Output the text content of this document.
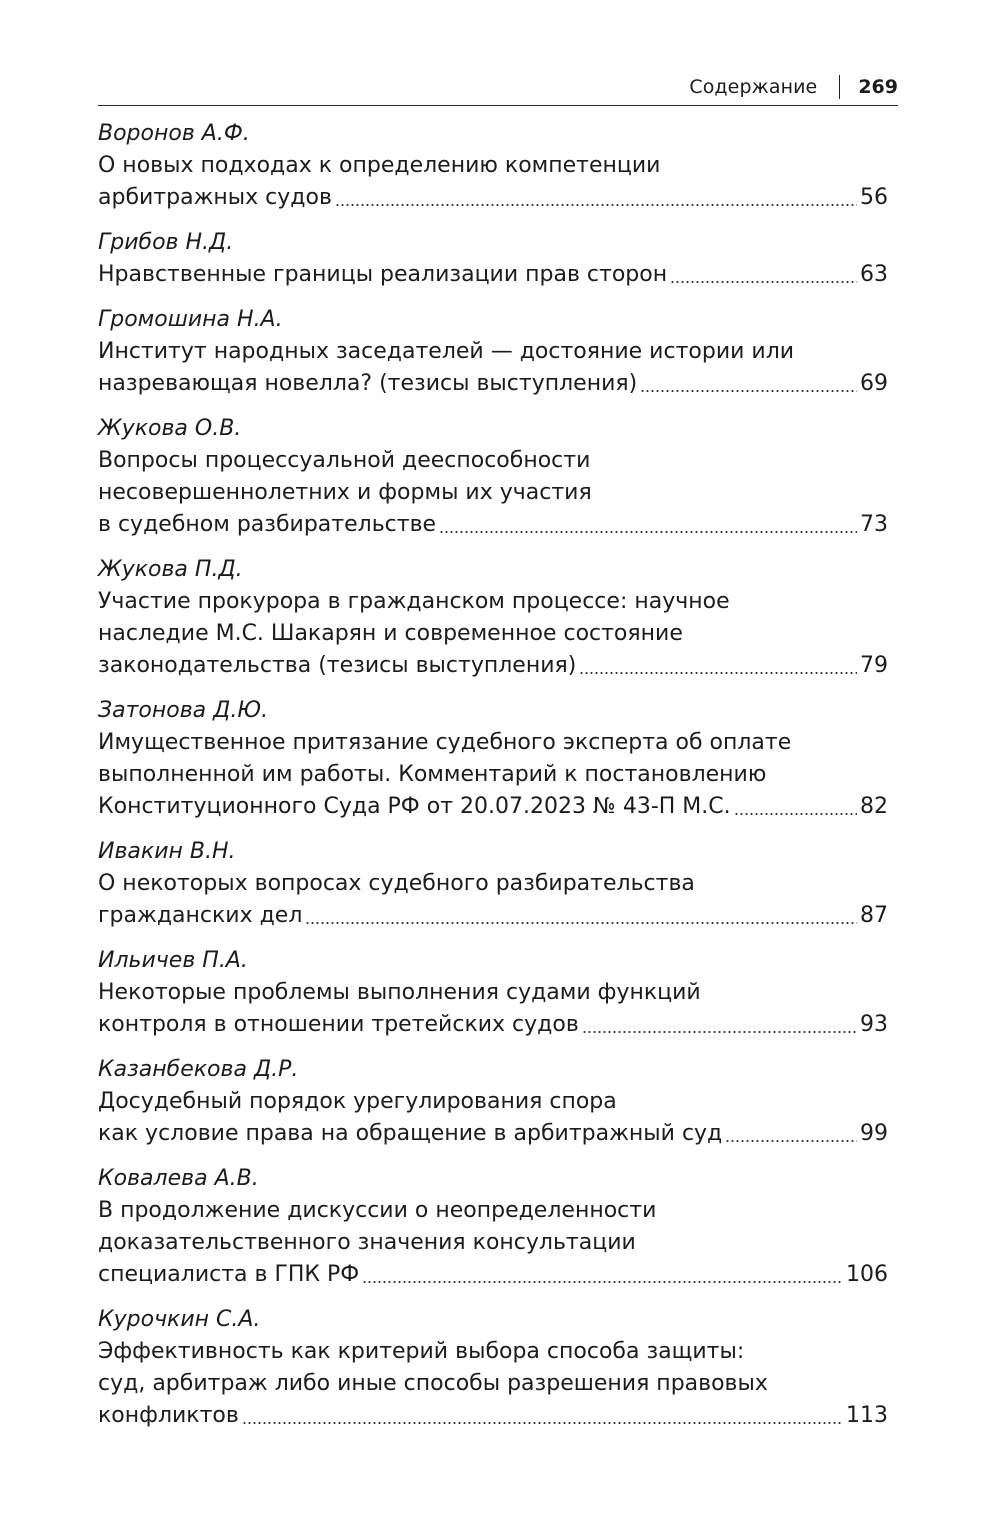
Содержание 269
Воронов А.Ф.
О новых подходах к определению компетенции
арбитражных судов	56
Грибов Н.Д.
Нравственные границы реализации прав сторон	63
Громошина Н.А.
Институт народных заседателей — достояние истории или
назревающая новелла? (тезисы выступления)	69
Жукова О.В.
Вопросы процессуальной дееспособности
несовершеннолетних и формы их участия
в судебном разбирательстве	73
Жукова П.Д.
Участие прокурора в гражданском процессе: научное
наследие М.С. Шакарян и современное состояние
законодательства (тезисы выступления)	79
Затонова Д.Ю.
Имущественное притязание судебного эксперта об оплате
выполненной им работы. Комментарий к постановлению
Конституционного Суда РФ от 20.07.2023 № 43-П М.С.	82
Ивакин В.Н.
О некоторых вопросах судебного разбирательства
гражданских дел	87
Ильичев П.А.
Некоторые проблемы выполнения судами функций
контроля в отношении третейских судов	93
Казанбекова Д.Р.
Досудебный порядок урегулирования спора
как условие права на обращение в арбитражный суд	99
Ковалева А.В.
В продолжение дискуссии о неопределенности
доказательственного значения консультации
специалиста в ГПК РФ	106
Курочкин С.А.
Эффективность как критерий выбора способа защиты:
суд, арбитраж либо иные способы разрешения правовых
конфликтов	113
